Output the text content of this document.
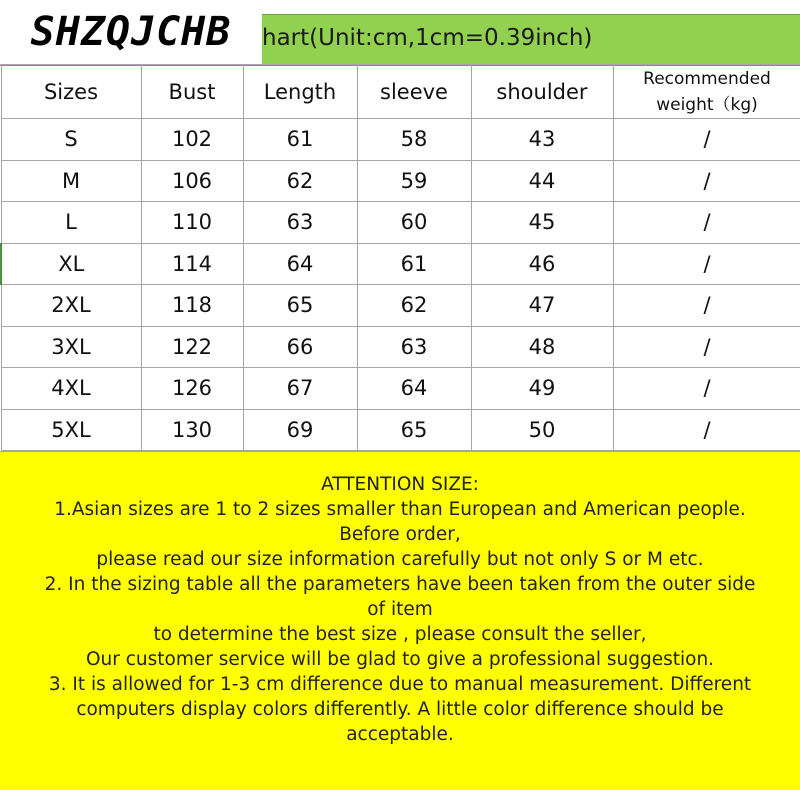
hart(Unit:cm,1cm=0.39inch)
SHZQJCHB
Sizes	Bust	Length	sleeve	shoulder	Recommended
weight（kg)
S	102	61	58	43	/
M	106	62	59	44	/
L	110	63	60	45	/
XL	114	64	61	46	/
2XL	118	65	62	47	/
3XL	122	66	63	48	/
4XL	126	67	64	49	/
5XL	130	69	65	50	/
ATTENTION SIZE:
1.Asian sizes are 1 to 2 sizes smaller than European and American people.
Before order,
please read our size information carefully but not only S or M etc.
2. In the sizing table all the parameters have been taken from the outer side
of item
to determine the best size , please consult the seller,
Our customer service will be glad to give a professional suggestion.
3. It is allowed for 1-3 cm difference due to manual measurement. Different
computers display colors differently. A little color difference should be
acceptable.
